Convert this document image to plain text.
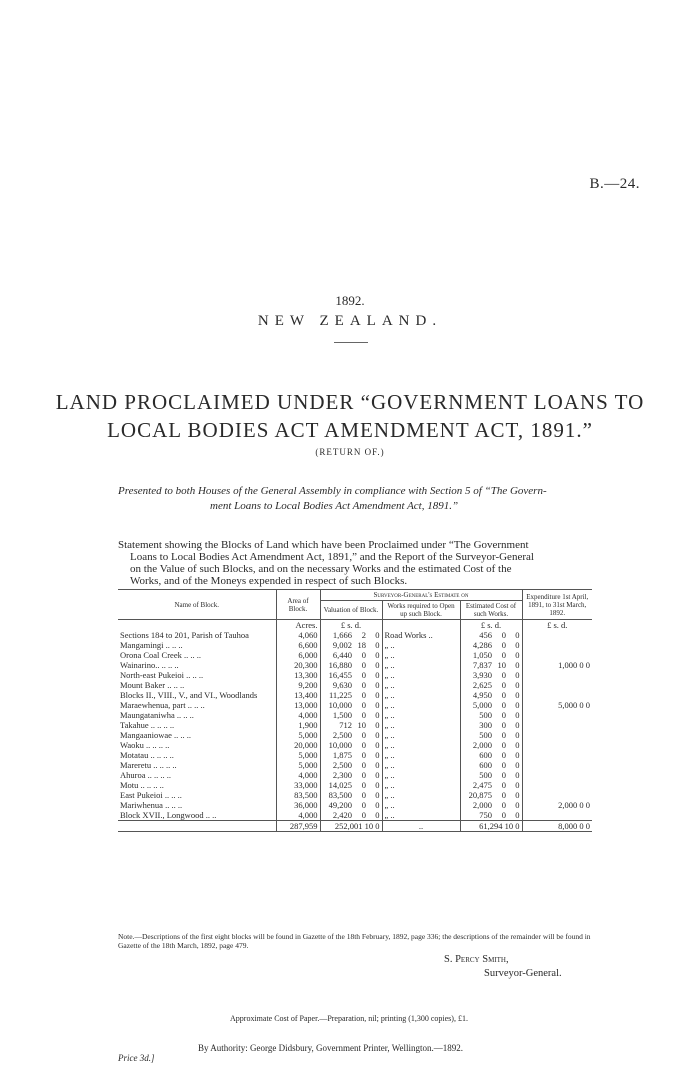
B.—24.
1892.
NEW ZEALAND.
LAND PROCLAIMED UNDER “GOVERNMENT LOANS TO
LOCAL BODIES ACT AMENDMENT ACT, 1891.”
(RETURN OF.)
Presented to both Houses of the General Assembly in compliance with Section 5 of “The Govern-
ment Loans to Local Bodies Act Amendment Act, 1891.”
Statement showing the Blocks of Land which have been Proclaimed under “The Government
Loans to Local Bodies Act Amendment Act, 1891,” and the Report of the Surveyor-General
on the Value of such Blocks, and on the necessary Works and the estimated Cost of the
Works, and of the Moneys expended in respect of such Blocks.
Name of Block.	Area of Block.	Surveyor-General's Estimate on							Expenditure 1st April, 1891, to 31st March, 1892.
		Valuation of Block.			Works required to Open up such Block.	Estimated Cost of such Works.			
	Acres.	£ s. d.				£ s. d.			£ s. d.
Sections 184 to 201, Parish of Tauhoa	4,060	1,666	2	0	Road Works ..	456	0	0	
Mangamingi .. .. ..	6,600	9,002	18	0	„ ..	4,286	0	0	
Orona Coal Creek .. .. ..	6,000	6,440	0	0	„ ..	1,050	0	0	
Wainarino.. .. .. ..	20,300	16,880	0	0	„ ..	7,837	10	0	1,000 0 0
North-east Pukeioi .. .. ..	13,300	16,455	0	0	„ ..	3,930	0	0	
Mount Baker .. .. ..	9,200	9,630	0	0	„ ..	2,625	0	0	
Blocks II., VIII., V., and VI., Woodlands	13,400	11,225	0	0	„ ..	4,950	0	0	
Marаewhenua, part .. .. ..	13,000	10,000	0	0	„ ..	5,000	0	0	5,000 0 0
Maungataniwha .. .. ..	4,000	1,500	0	0	„ ..	500	0	0	
Takahue .. .. .. ..	1,900	712	10	0	„ ..	300	0	0	
Mangaaniowae .. .. ..	5,000	2,500	0	0	„ ..	500	0	0	
Waoku .. .. .. ..	20,000	10,000	0	0	„ ..	2,000	0	0	
Motatau .. .. .. ..	5,000	1,875	0	0	„ ..	600	0	0	
Mareretu .. .. .. ..	5,000	2,500	0	0	„ ..	600	0	0	
Ahuroa .. .. .. ..	4,000	2,300	0	0	„ ..	500	0	0	
Motu .. .. .. ..	33,000	14,025	0	0	„ ..	2,475	0	0	
East Pukeioi .. .. ..	83,500	83,500	0	0	„ ..	20,875	0	0	
Mariwhenua .. .. ..	36,000	49,200	0	0	„ ..	2,000	0	0	2,000 0 0
Block XVII., Longwood .. ..	4,000	2,420	0	0	„ ..	750	0	0	
	287,959	252,001 10 0			..	61,294 10 0			8,000 0 0
Note.—Descriptions of the first eight blocks will be found in Gazette of the 18th February, 1892, page 336; the descriptions of the remainder will be found in Gazette of the 18th March, 1892, page 479.
S. Percy Smith,
Surveyor-General.
Approximate Cost of Paper.—Preparation, nil; printing (1,300 copies), £1.
By Authority: George Didsbury, Government Printer, Wellington.—1892.
Price 3d.]
